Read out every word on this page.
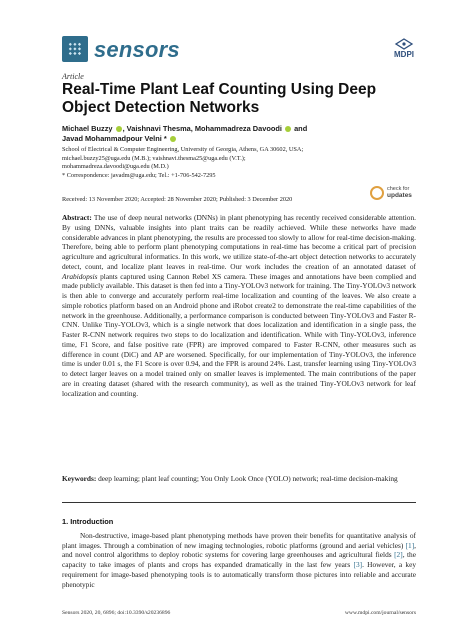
sensors	MDPI
Article
Real-Time Plant Leaf Counting Using Deep Object Detection Networks
Michael Buzzy , Vaishnavi Thesma, Mohammadreza Davoodi  and
Javad Mohammadpour Velni *

School of Electrical & Computer Engineering, University of Georgia, Athens, GA 30602, USA;

michael.buzzy25@uga.edu (M.B.); vaishnavi.thesma25@uga.edu (V.T.);

mohammadreza.davoodi@uga.edu (M.D.)

* Correspondence: javadm@uga.edu; Tel.: +1-706-542-7295

Received: 13 November 2020; Accepted: 28 November 2020; Published: 3 December 2020
check for
updates

Abstract: The use of deep neural networks (DNNs) in plant phenotyping has recently received considerable attention. By using DNNs, valuable insights into plant traits can be readily achieved. While these networks have made considerable advances in plant phenotyping, the results are processed too slowly to allow for real-time decision-making. Therefore, being able to perform plant phenotyping computations in real-time has become a critical part of precision agriculture and agricultural informatics. In this work, we utilize state-of-the-art object detection networks to accurately detect, count, and localize plant leaves in real-time. Our work includes the creation of an annotated dataset of Arabidopsis plants captured using Cannon Rebel XS camera. These images and annotations have been complied and made publicly available. This dataset is then fed into a Tiny-YOLOv3 network for training. The Tiny-YOLOv3 network is then able to converge and accurately perform real-time localization and counting of the leaves. We also create a simple robotics platform based on an Android phone and iRobot create2 to demonstrate the real-time capabilities of the network in the greenhouse. Additionally, a performance comparison is conducted between Tiny-YOLOv3 and Faster R-CNN. Unlike Tiny-YOLOv3, which is a single network that does localization and identification in a single pass, the Faster R-CNN network requires two steps to do localization and identification. While with Tiny-YOLOv3, inference time, F1 Score, and false positive rate (FPR) are improved compared to Faster R-CNN, other measures such as difference in count (DiC) and AP are worsened. Specifically, for our implementation of Tiny-YOLOv3, the inference time is under 0.01 s, the F1 Score is over 0.94, and the FPR is around 24%. Last, transfer learning using Tiny-YOLOv3 to detect larger leaves on a model trained only on smaller leaves is implemented. The main contributions of the paper are in creating dataset (shared with the research community), as well as the trained Tiny-YOLOv3 network for leaf localization and counting.

Keywords: deep learning; plant leaf counting; You Only Look Once (YOLO) network; real-time decision-making

1. Introduction

Non-destructive, image-based plant phenotyping methods have proven their benefits for quantitative analysis of plant images. Through a combination of new imaging technologies, robotic platforms (ground and aerial vehicles) [1], and novel control algorithms to deploy robotic systems for covering large greenhouses and agricultural fields [2], the capacity to take images of plants and crops has expanded dramatically in the last few years [3]. However, a key requirement for image-based phenotyping tools is to automatically transform those pictures into reliable and accurate phenotypic

Sensors 2020, 20, 6896; doi:10.3390/s20236896	www.mdpi.com/journal/sensors
